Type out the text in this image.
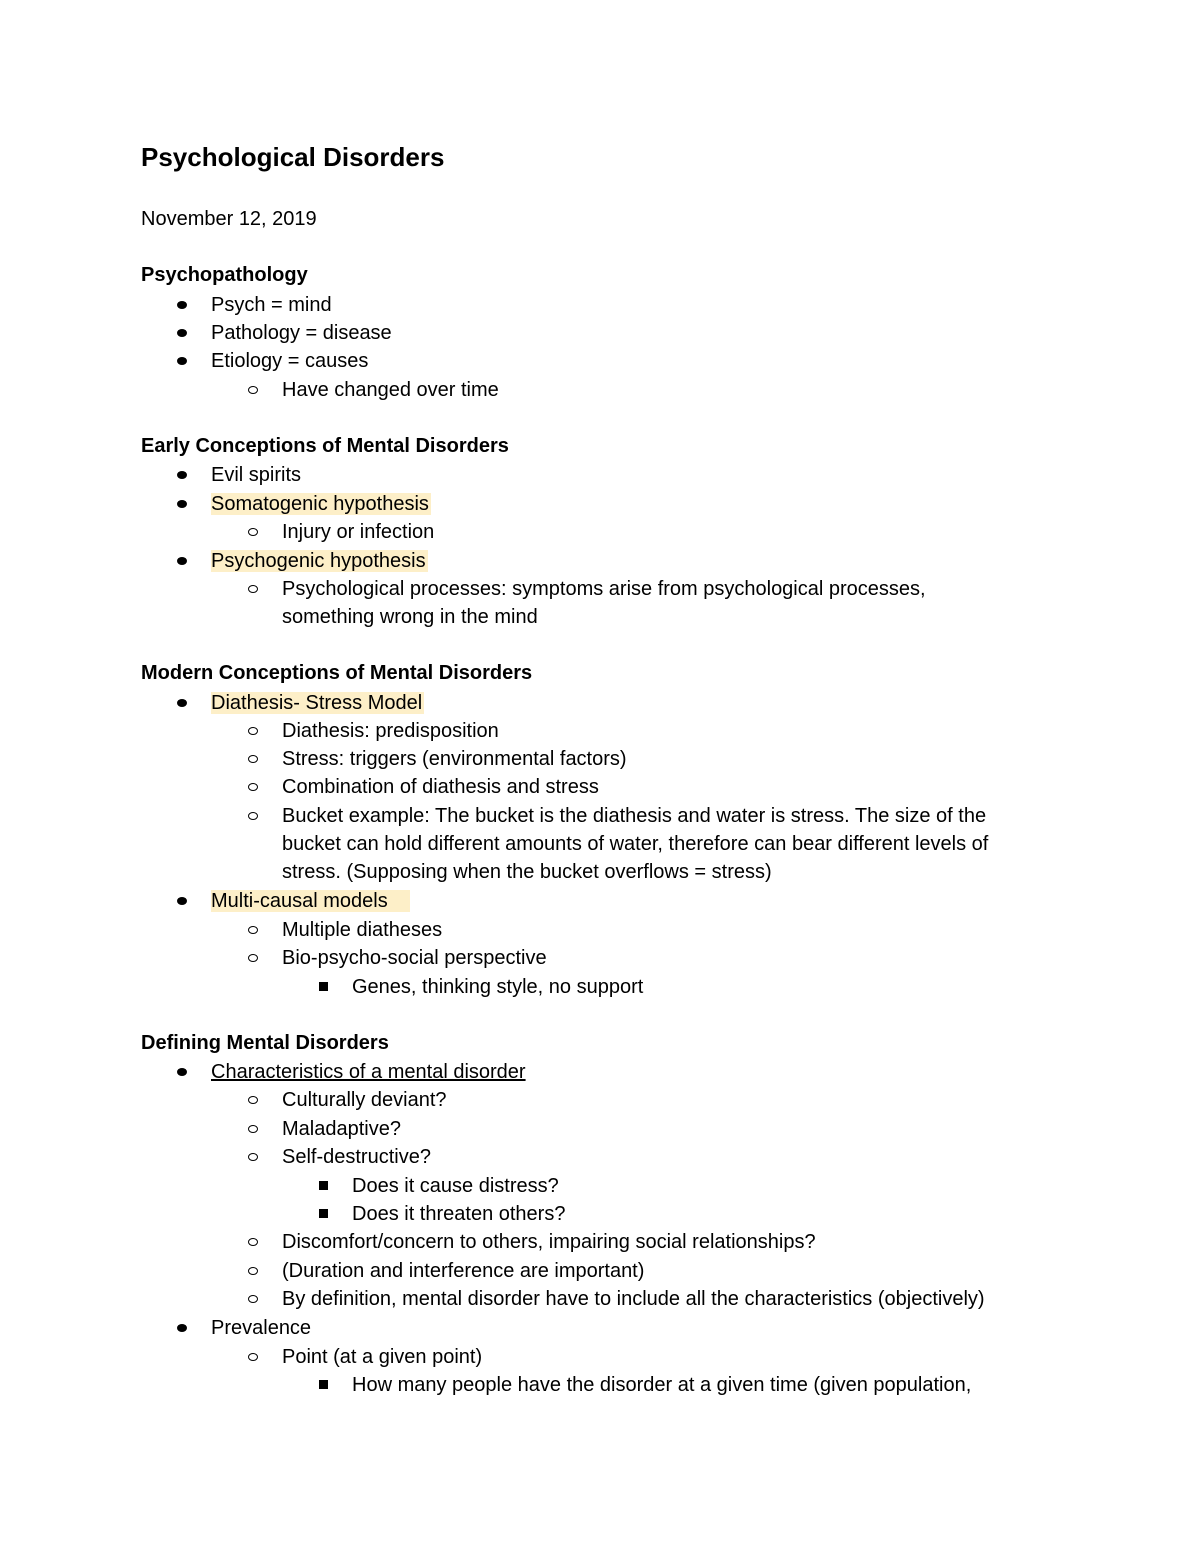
Psychological Disorders
November 12, 2019
Psychopathology
Psych = mind
Pathology = disease
Etiology = causes
Have changed over time
Early Conceptions of Mental Disorders
Evil spirits
Somatogenic hypothesis
Injury or infection
Psychogenic hypothesis
Psychological processes: symptoms arise from psychological processes,
something wrong in the mind
Modern Conceptions of Mental Disorders
Diathesis- Stress Model
Diathesis: predisposition
Stress: triggers (environmental factors)
Combination of diathesis and stress
Bucket example: The bucket is the diathesis and water is stress. The size of the
bucket can hold different amounts of water, therefore can bear different levels of
stress. (Supposing when the bucket overflows = stress)
Multi-causal models
Multiple diatheses
Bio-psycho-social perspective
Genes, thinking style, no support
Defining Mental Disorders
Characteristics of a mental disorder
Culturally deviant?
Maladaptive?
Self-destructive?
Does it cause distress?
Does it threaten others?
Discomfort/concern to others, impairing social relationships?
(Duration and interference are important)
By definition, mental disorder have to include all the characteristics (objectively)
Prevalence
Point (at a given point)
How many people have the disorder at a given time (given population,
